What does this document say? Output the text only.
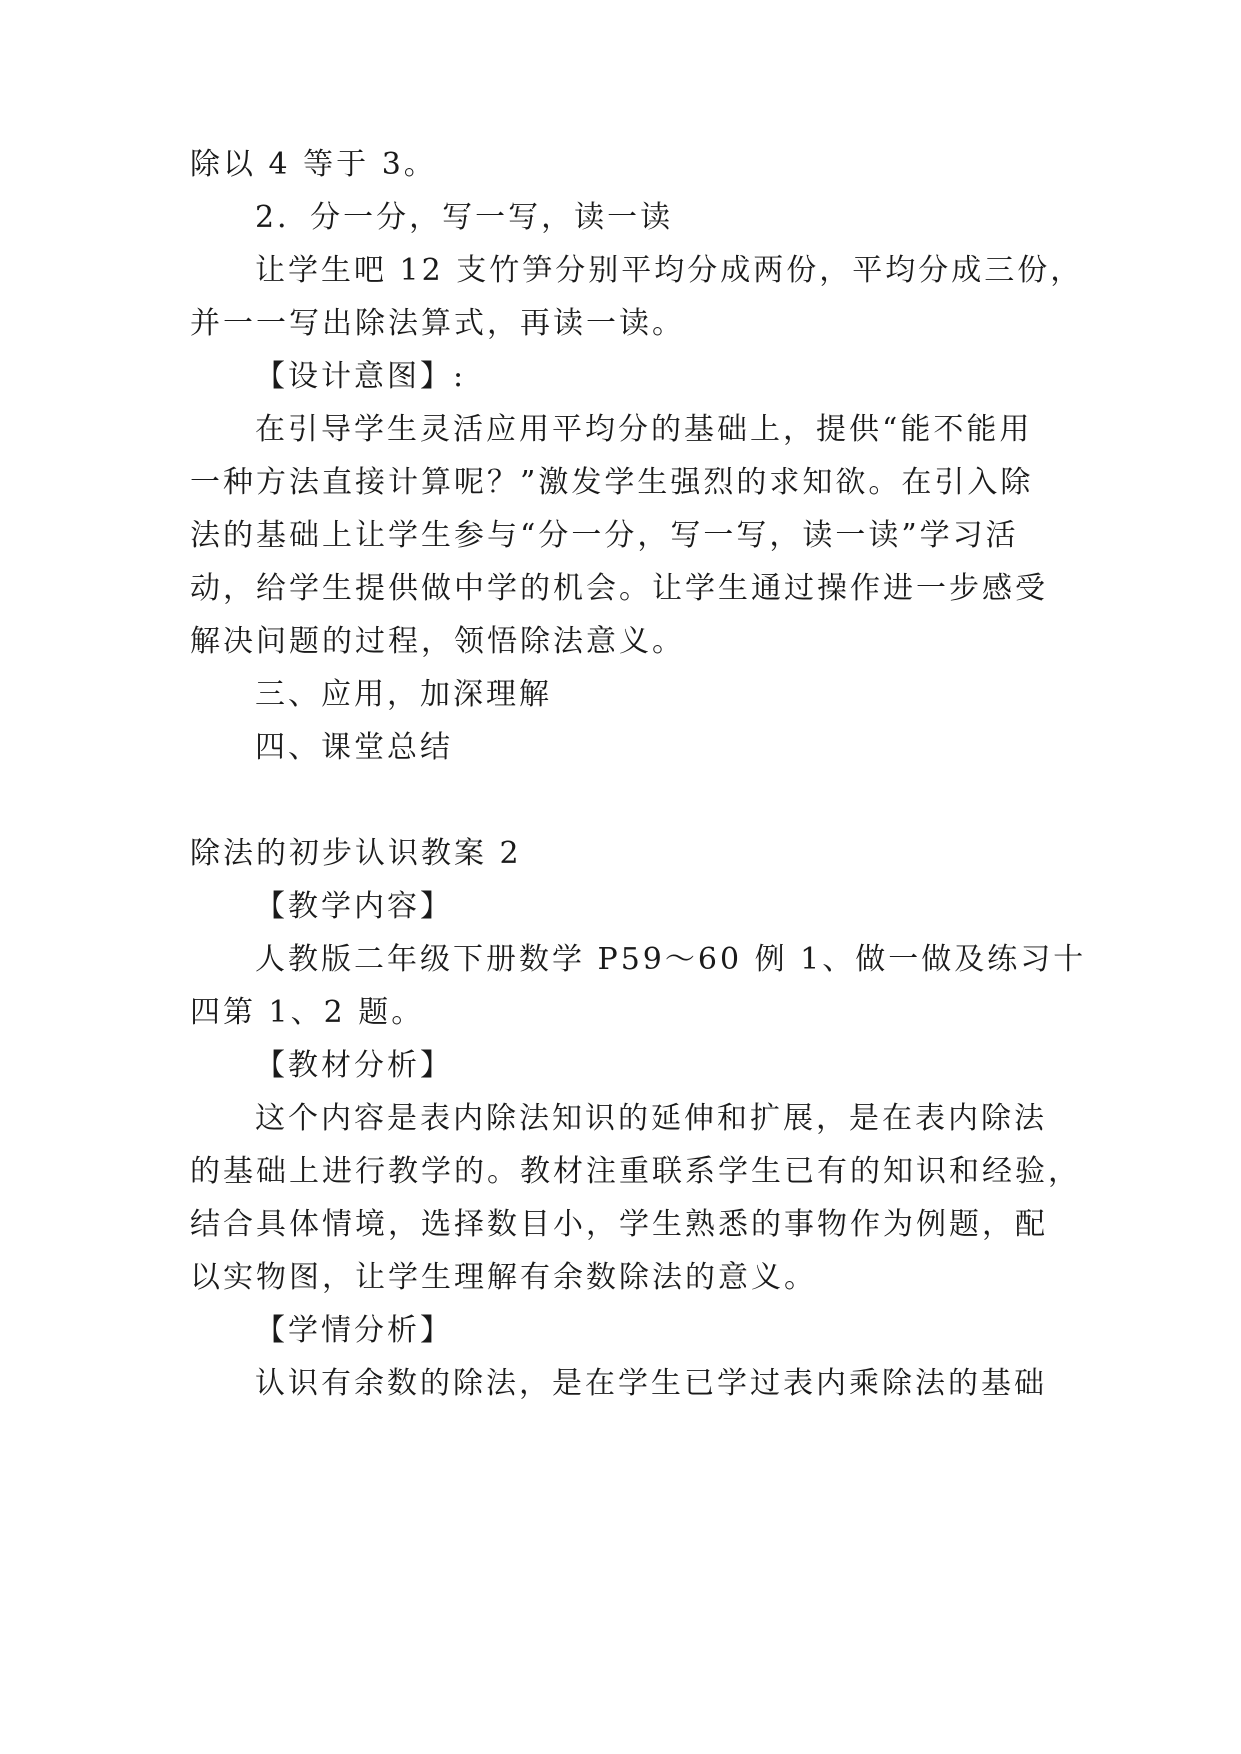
除以 4 等于 3。
2．分一分，写一写，读一读
让学生吧 12 支竹笋分别平均分成两份，平均分成三份，
并一一写出除法算式，再读一读。
【设计意图】:
在引导学生灵活应用平均分的基础上，提供“能不能用
一种方法直接计算呢？”激发学生强烈的求知欲。在引入除
法的基础上让学生参与“分一分，写一写，读一读”学习活
动，给学生提供做中学的机会。让学生通过操作进一步感受
解决问题的过程，领悟除法意义。
三、应用，加深理解
四、课堂总结
除法的初步认识教案 2
【教学内容】
人教版二年级下册数学 P59～60 例 1、做一做及练习十
四第 1、2 题。
【教材分析】
这个内容是表内除法知识的延伸和扩展，是在表内除法
的基础上进行教学的。教材注重联系学生已有的知识和经验，
结合具体情境，选择数目小，学生熟悉的事物作为例题，配
以实物图，让学生理解有余数除法的意义。
【学情分析】
认识有余数的除法，是在学生已学过表内乘除法的基础
